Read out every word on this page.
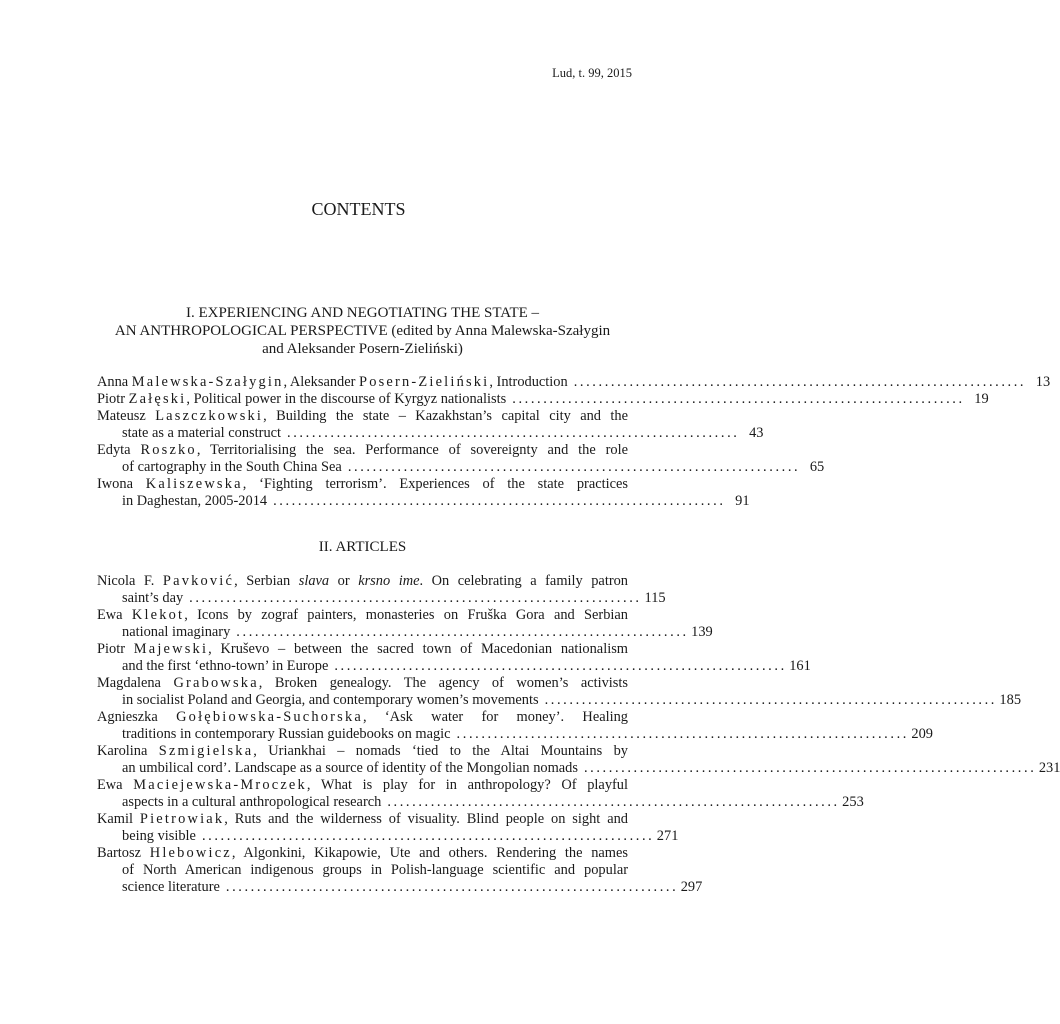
Lud, t. 99, 2015
CONTENTS
I. EXPERIENCING AND NEGOTIATING THE STATE –
AN ANTHROPOLOGICAL PERSPECTIVE (edited by Anna Malewska-Szałygin
and Aleksander Posern-Zieliński)
Anna Malewska-Szałygin, Aleksander Posern-Zieliński, Introduction ......................................................................... 13
Piotr Załęski, Political power in the discourse of Kyrgyz nationalists ......................................................................... 19
Mateusz Laszczkowski, Building the state – Kazakhstan’s capital city and the
state as a material construct ......................................................................... 43
Edyta Roszko, Territorialising the sea. Performance of sovereignty and the role
of cartography in the South China Sea ......................................................................... 65
Iwona Kaliszewska, ‘Fighting terrorism’. Experiences of the state practices
in Daghestan, 2005-2014 ......................................................................... 91
II. ARTICLES
Nicola F. Pavković, Serbian slava or krsno ime. On celebrating a family patron
saint’s day ......................................................................... 115
Ewa Klekot, Icons by zograf painters, monasteries on Fruška Gora and Serbian
national imaginary ......................................................................... 139
Piotr Majewski, Kruševo – between the sacred town of Macedonian nationalism
and the first ‘ethno-town’ in Europe ......................................................................... 161
Magdalena Grabowska, Broken genealogy. The agency of women’s activists
in socialist Poland and Georgia, and contemporary women’s movements ......................................................................... 185
Agnieszka Gołębiowska-Suchorska, ‘Ask water for money’. Healing
traditions in contemporary Russian guidebooks on magic ......................................................................... 209
Karolina Szmigielska, Uriankhai – nomads ‘tied to the Altai Mountains by
an umbilical cord’. Landscape as a source of identity of the Mongolian nomads ......................................................................... 231
Ewa Maciejewska-Mroczek, What is play for in anthropology? Of playful
aspects in a cultural anthropological research ......................................................................... 253
Kamil Pietrowiak, Ruts and the wilderness of visuality. Blind people on sight and
being visible ......................................................................... 271
Bartosz Hlebowicz, Algonkini, Kikapowie, Ute and others. Rendering the names
of North American indigenous groups in Polish-language scientific and popular
science literature ......................................................................... 297
